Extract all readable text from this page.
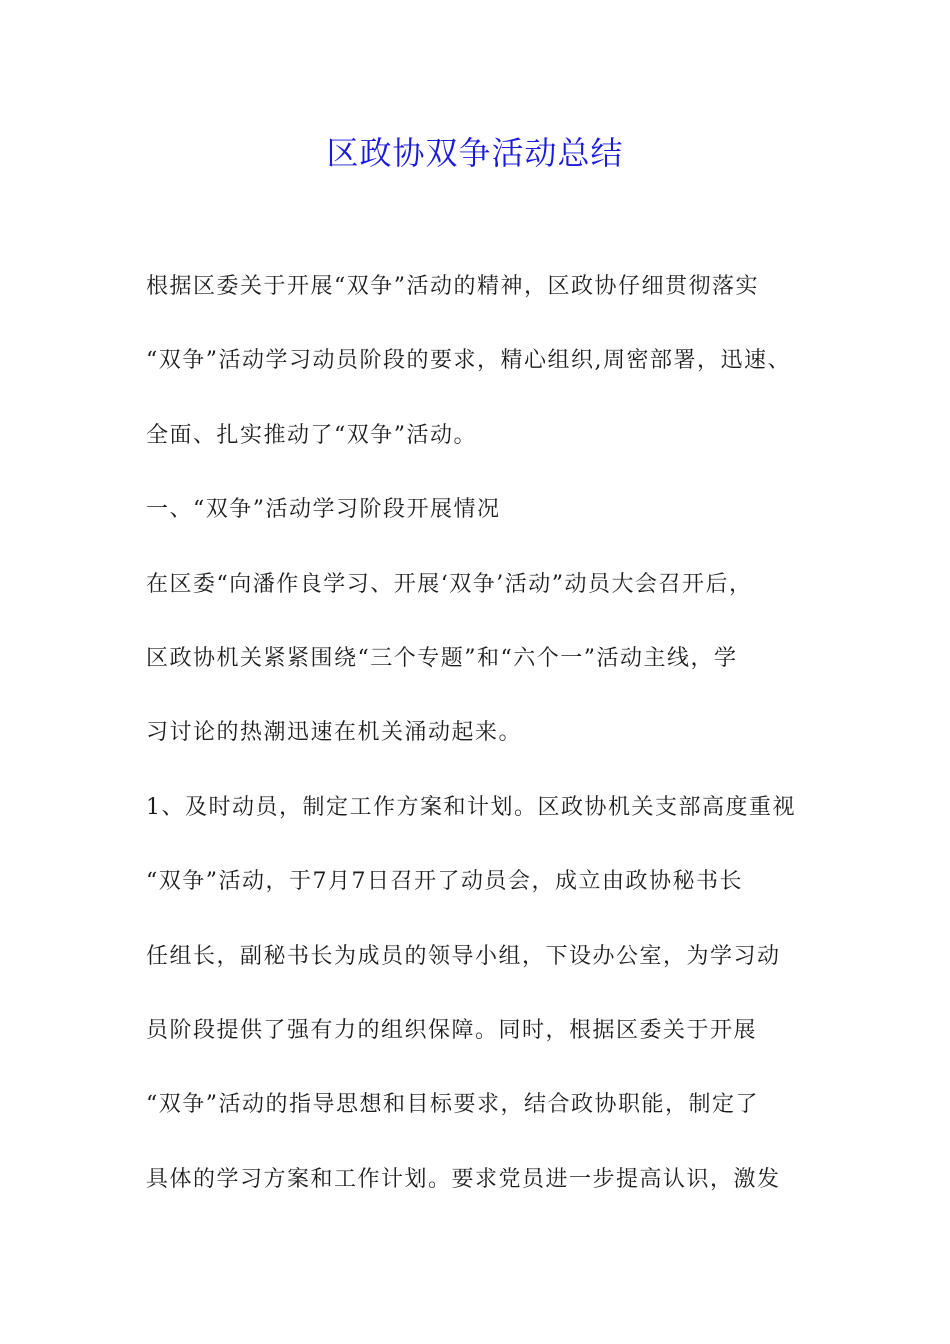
区政协双争活动总结
根据区委关于开展“双争”活动的精神，区政协仔细贯彻落实
“双争”活动学习动员阶段的要求，精心组织,周密部署，迅速、
全面、扎实推动了“双争”活动。
一、“双争”活动学习阶段开展情况
在区委“向潘作良学习、开展‘双争’活动”动员大会召开后，
区政协机关紧紧围绕“三个专题”和“六个一”活动主线，学
习讨论的热潮迅速在机关涌动起来。
1、及时动员，制定工作方案和计划。区政协机关支部高度重视
“双争”活动，于7月7日召开了动员会，成立由政协秘书长
任组长，副秘书长为成员的领导小组，下设办公室，为学习动
员阶段提供了强有力的组织保障。同时，根据区委关于开展
“双争”活动的指导思想和目标要求，结合政协职能，制定了
具体的学习方案和工作计划。要求党员进一步提高认识，激发
